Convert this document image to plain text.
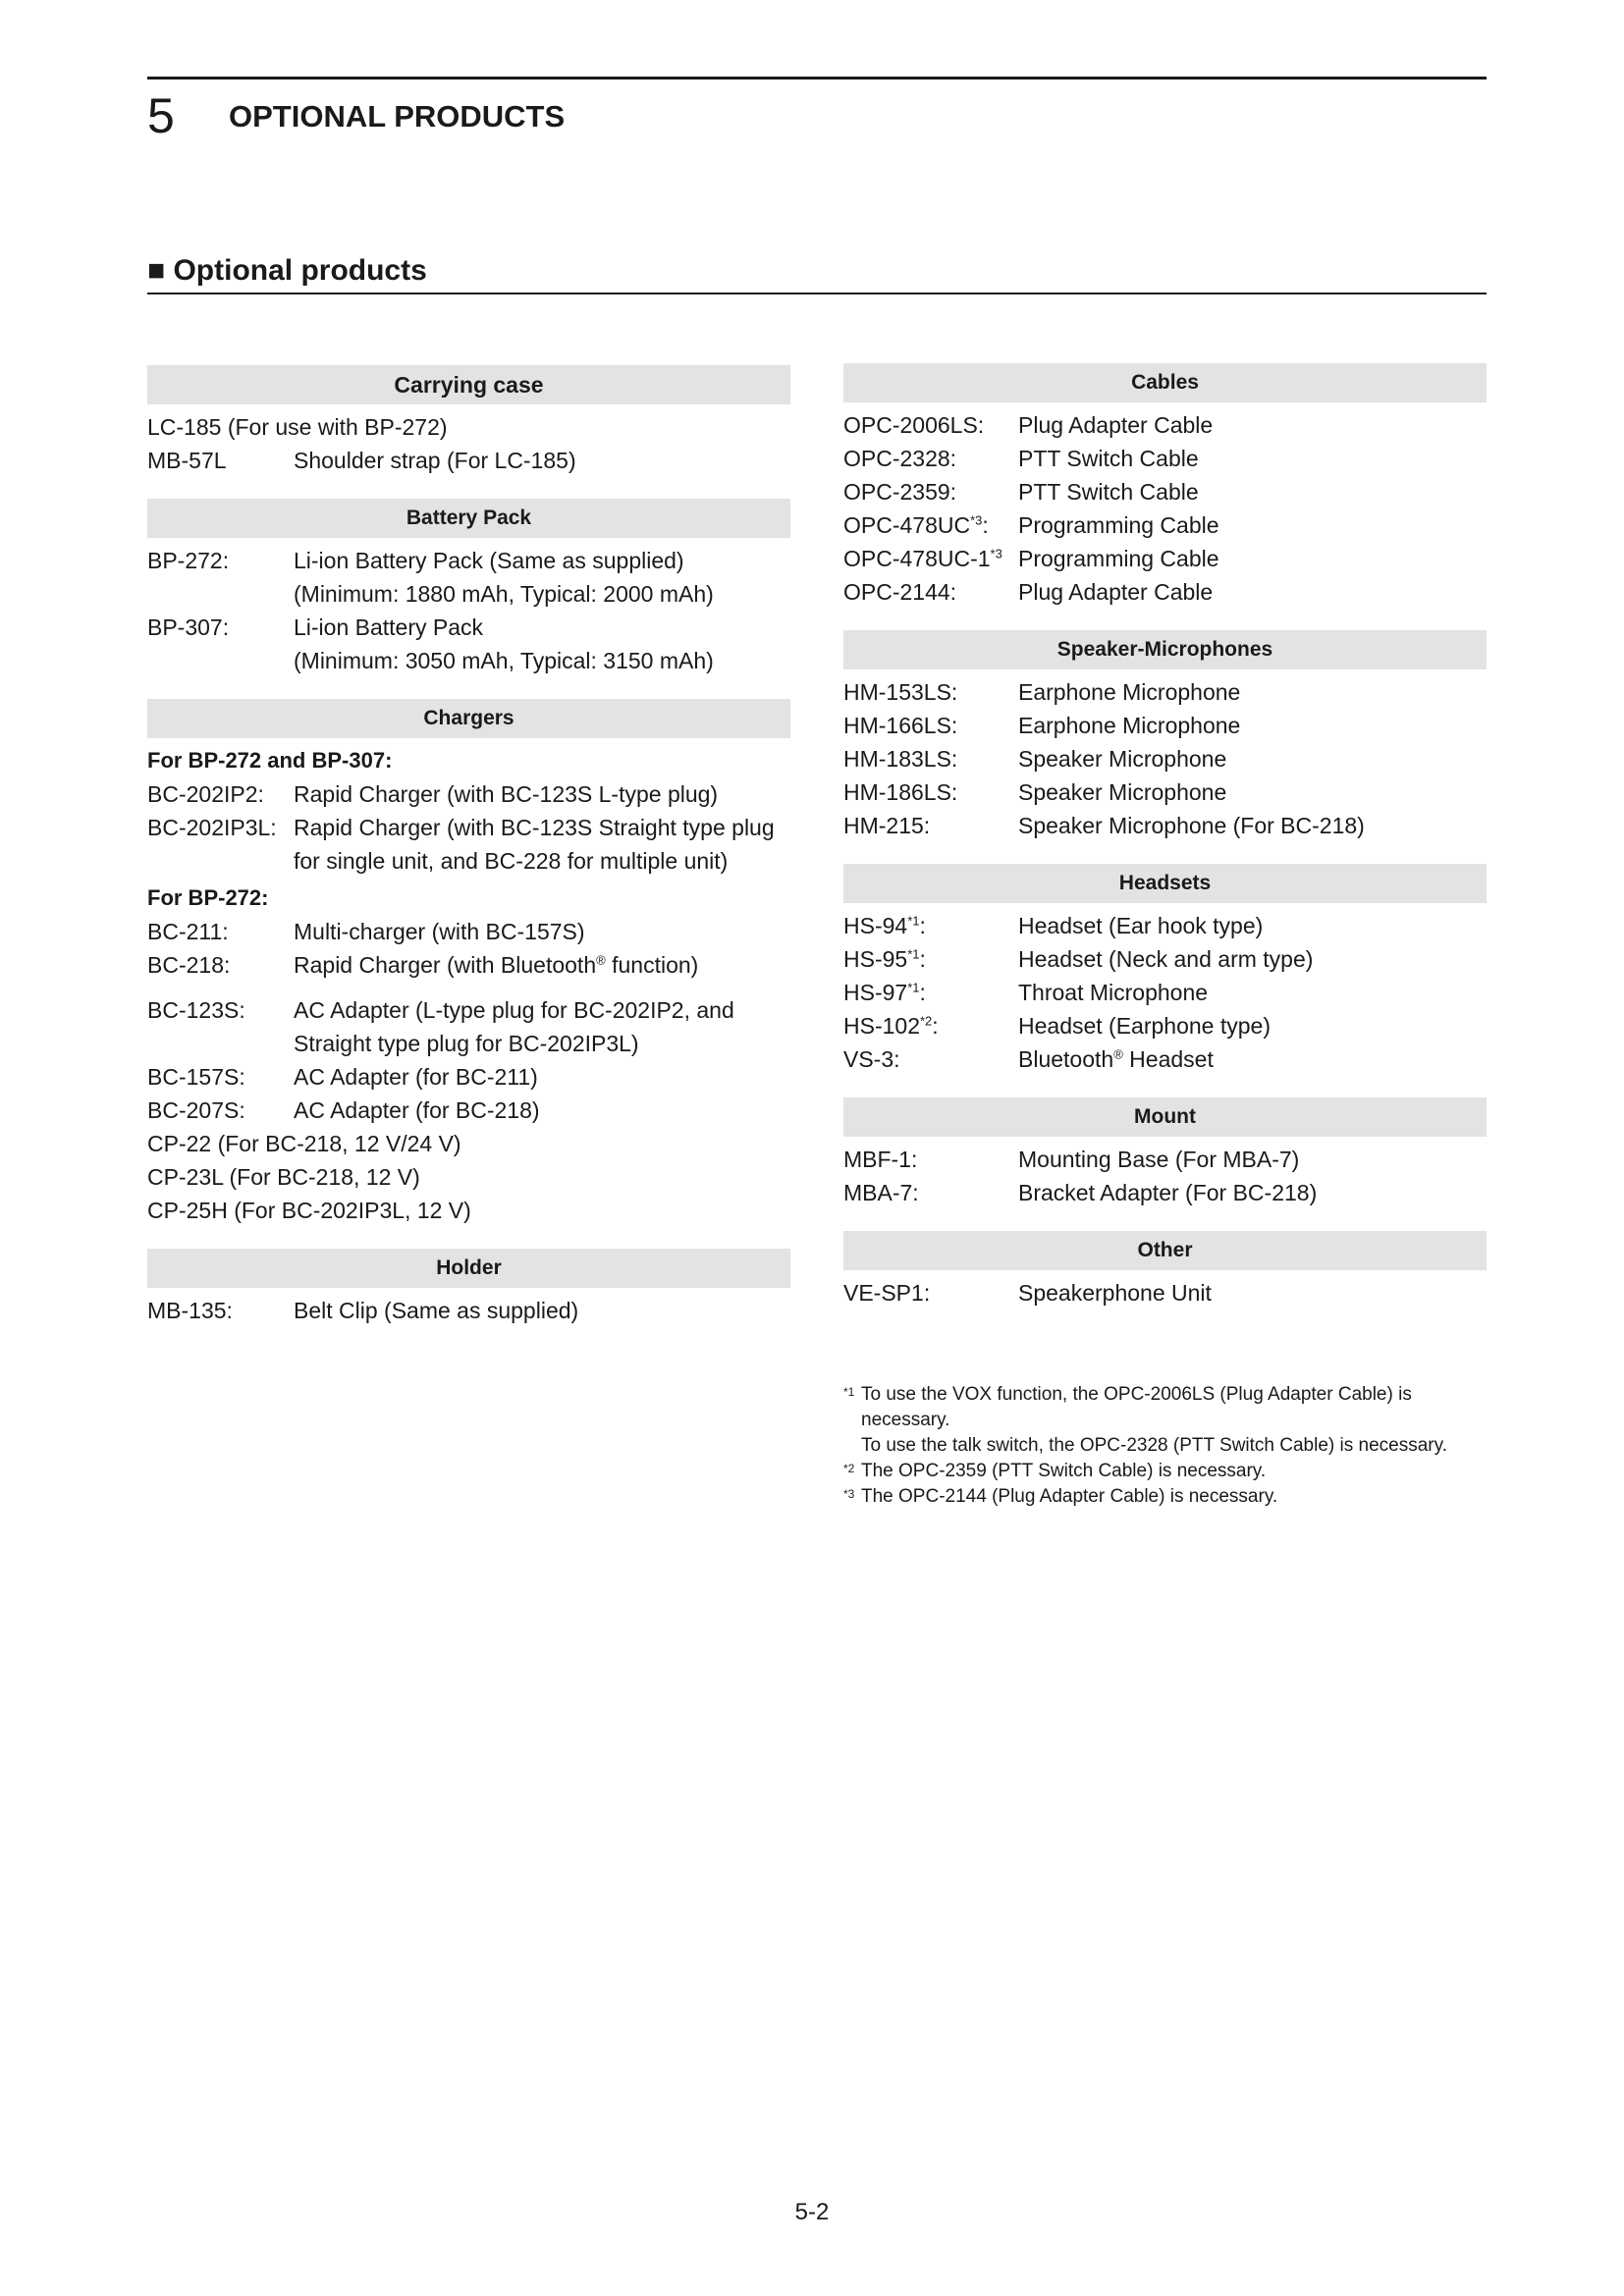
5 OPTIONAL PRODUCTS
■ Optional products
Carrying case
LC-185 (For use with BP-272)
MB-57L	Shoulder strap (For LC-185)
Battery Pack
BP-272:	Li-ion Battery Pack (Same as supplied)
(Minimum: 1880 mAh, Typical: 2000 mAh)
BP-307:	Li-ion Battery Pack
(Minimum: 3050 mAh, Typical: 3150 mAh)
Chargers
For BP-272 and BP-307:
BC-202IP2:	Rapid Charger (with BC-123S L-type plug)
BC-202IP3L: Rapid Charger (with BC-123S Straight type plug
for single unit, and BC-228 for multiple unit)
For BP-272:
BC-211:	Multi-charger (with BC-157S)
BC-218:	Rapid Charger (with Bluetooth® function)
BC-123S:	AC Adapter (L-type plug for BC-202IP2, and
Straight type plug for BC-202IP3L)
BC-157S:	AC Adapter (for BC-211)
BC-207S:	AC Adapter (for BC-218)
CP-22 (For BC-218, 12 V/24 V)
CP-23L (For BC-218, 12 V)
CP-25H (For BC-202IP3L, 12 V)
Holder
MB-135:	Belt Clip (Same as supplied)
Cables
OPC-2006LS:	Plug Adapter Cable
OPC-2328:	PTT Switch Cable
OPC-2359:	PTT Switch Cable
OPC-478UC$^{*3}$:	Programming Cable
OPC-478UC-1$^{*3}$ Programming Cable
OPC-2144:	Plug Adapter Cable
Speaker-Microphones
HM-153LS:	Earphone Microphone
HM-166LS:	Earphone Microphone
HM-183LS:	Speaker Microphone
HM-186LS:	Speaker Microphone
HM-215:	Speaker Microphone (For BC-218)
Headsets
HS-94$^{*1}$:	Headset (Ear hook type)
HS-95$^{*1}$:	Headset (Neck and arm type)
HS-97$^{*1}$:	Throat Microphone
HS-102$^{*2}$:	Headset (Earphone type)
VS-3:	Bluetooth® Headset
Mount
MBF-1:	Mounting Base (For MBA-7)
MBA-7:	Bracket Adapter (For BC-218)
Other
VE-SP1:	Speakerphone Unit
*1 To use the VOX function, the OPC-2006LS (Plug Adapter Cable) is necessary.
To use the talk switch, the OPC-2328 (PTT Switch Cable) is necessary.
*2 The OPC-2359 (PTT Switch Cable) is necessary.
*3 The OPC-2144 (Plug Adapter Cable) is necessary.
5-2
